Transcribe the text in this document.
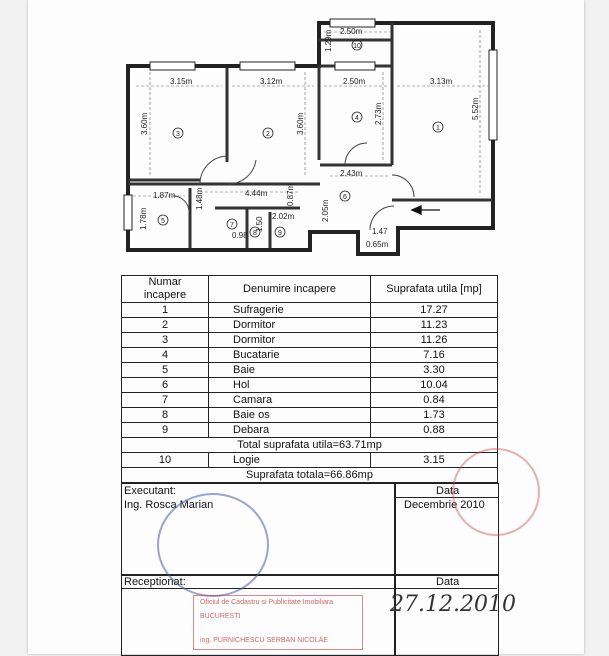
3.15m	3.12m	2.50m	3.13m
2.50m
3.60m	3.60m	2.73m	5.52m
1.29m
4.44m
2.43m
1.87m
1.78m
1.48m
2.02m
0.98
1.50
0.87m
2.05m
1.47
0.65m
1
2
3
4
5
6
7
8	9
10
Numar incapere	Denumire incapere	Suprafata utila [mp]
1	Sufragerie	17.27
2	Dormitor	11.23
3	Dormitor	11.26
4	Bucatarie	7.16
5	Baie	3.30
6	Hol	10.04
7	Camara	0.84
8	Baie os	1.73
9	Debara	0.88
Total suprafata utila=63.71mp		
10	Logie	3.15
Suprafata totala=66.86mp		
Executant:
Ing. Rosca Marian
Data
Decembrie 2010
Receptionat:	Data
Oficiul de Cadastru si Publicitate Imobiliara BUCURESTI
ing. PURNICHESCU SERBAN NICOLAE
27.12.2010
